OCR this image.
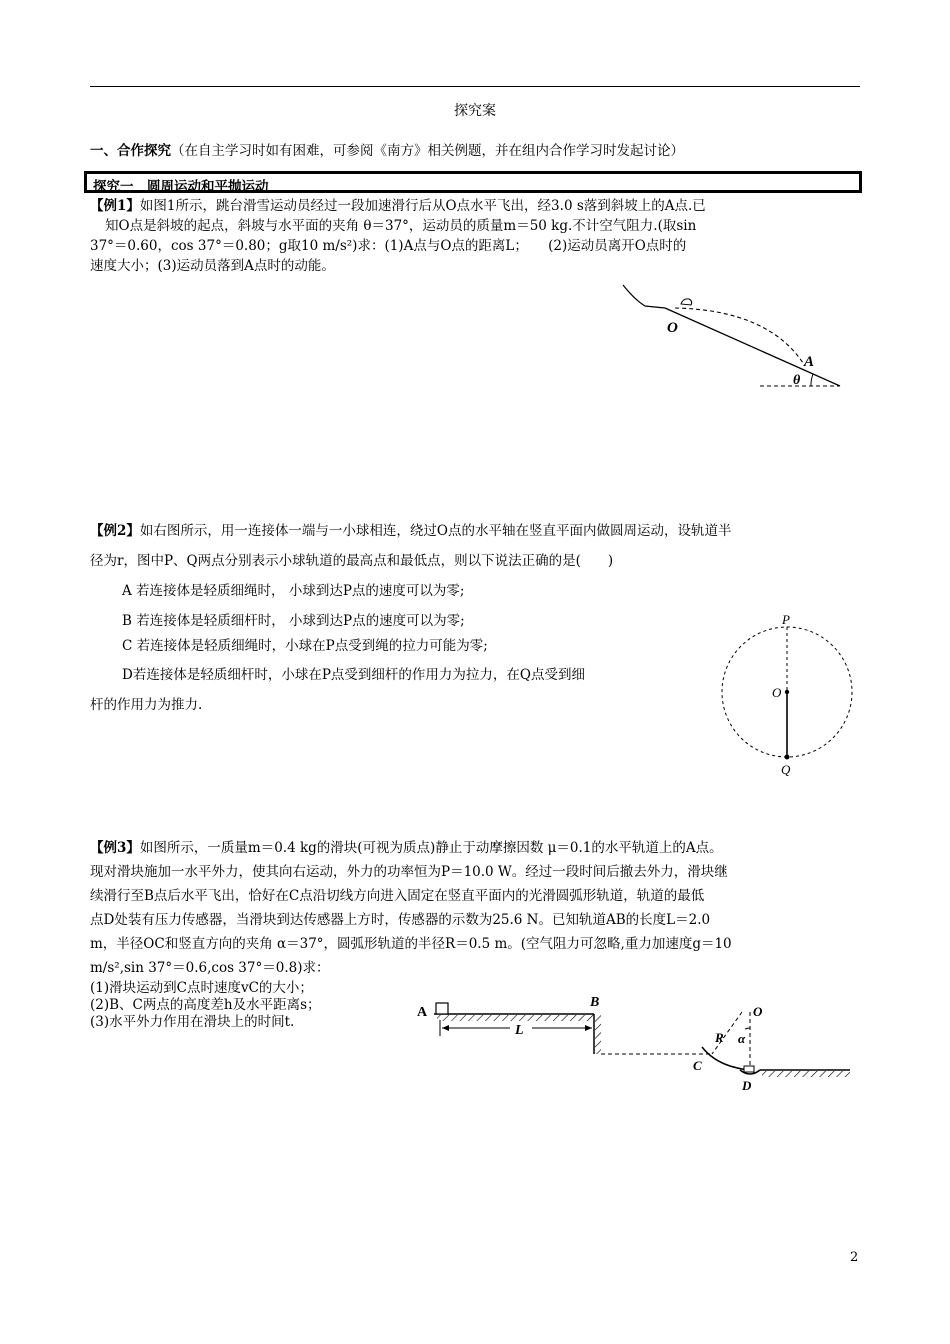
探究案
一、合作探究（在自主学习时如有困难，可参阅《南方》相关例题，并在组内合作学习时发起讨论）
探究一　圆周运动和平抛运动
【例1】如图1所示，跳台滑雪运动员经过一段加速滑行后从O点水平飞出，经3.0 s落到斜坡上的A点.已
知O点是斜坡的起点，斜坡与水平面的夹角 θ＝37°，运动员的质量m＝50 kg.不计空气阻力.(取sin
37°＝0.60，cos 37°＝0.80；g取10 m/s²)求：(1)A点与O点的距离L；　　(2)运动员离开O点时的
速度大小；(3)运动员落到A点时的动能。
O
A
θ
【例2】如右图所示，用一连接体一端与一小球相连，绕过O点的水平轴在竖直平面内做圆周运动，设轨道半
径为r，图中P、Q两点分别表示小球轨道的最高点和最低点，则以下说法正确的是(　　)
A 若连接体是轻质细绳时， 小球到达P点的速度可以为零;
B 若连接体是轻质细杆时， 小球到达P点的速度可以为零;
C 若连接体是轻质细绳时，小球在P点受到绳的拉力可能为零;
D若连接体是轻质细杆时，小球在P点受到细杆的作用力为拉力，在Q点受到细
杆的作用力为推力.
P
O
Q
【例3】如图所示，一质量m＝0.4 kg的滑块(可视为质点)静止于动摩擦因数 μ＝0.1的水平轨道上的A点。
现对滑块施加一水平外力，使其向右运动，外力的功率恒为P＝10.0 W。经过一段时间后撤去外力，滑块继
续滑行至B点后水平飞出，恰好在C点沿切线方向进入固定在竖直平面内的光滑圆弧形轨道，轨道的最低
点D处装有压力传感器，当滑块到达传感器上方时，传感器的示数为25.6 N。已知轨道AB的长度L＝2.0
m，半径OC和竖直方向的夹角 α＝37°，圆弧形轨道的半径R＝0.5 m。(空气阻力可忽略,重力加速度g＝10
m/s²,sin 37°＝0.6,cos 37°＝0.8)求：
(1)滑块运动到C点时速度vC的大小；
(2)B、C两点的高度差h及水平距离s；
(3)水平外力作用在滑块上的时间t.
A
B
L	R
O
α
C
D
2
